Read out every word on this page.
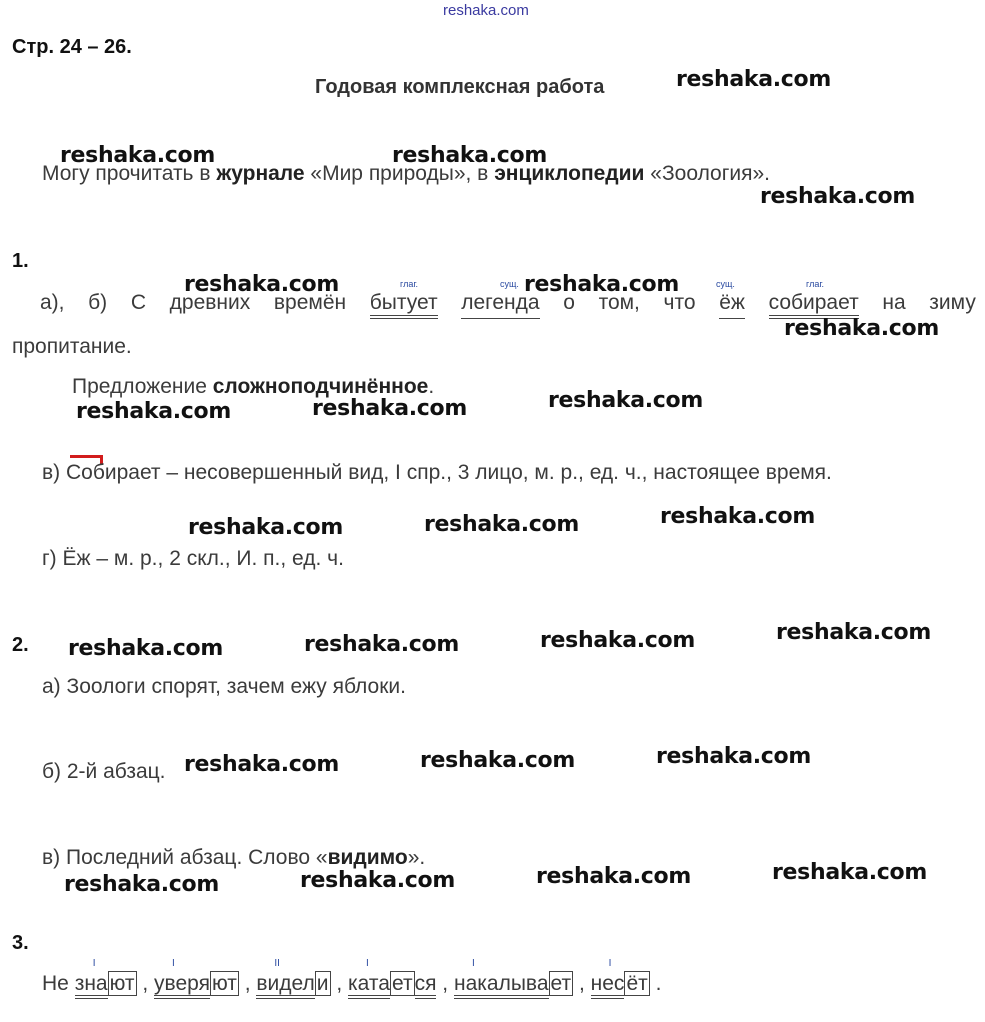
reshaka.com
Стр. 24 – 26.
Годовая комплексная работа
Могу прочитать в журнале «Мир природы», в энциклопедии «Зоология».
1.
глаг.	сущ.	сущ.	глаг.
а), б) С древних времён бытует легенда о том, что ёж собирает на зиму
пропитание.
Предложение сложноподчинённое.
в) Собирает – несовершенный вид, I спр., 3 лицо, м. р., ед. ч., настоящее время.
г) Ёж – м. р., 2 скл., И. п., ед. ч.
2.
а) Зоологи спорят, зачем ежу яблоки.
б) 2-й абзац.
в) Последний абзац. Слово «видимо».
3.
Не
I
знают ,
I
уверяют ,
II
видели ,
I
катается ,
I
накалывает ,
I
несёт .
reshaka.com
reshaka.com	reshaka.com
reshaka.com
reshaka.com	reshaka.com
reshaka.com
reshaka.com	reshaka.com	reshaka.com
reshaka.com	reshaka.com	reshaka.com
reshaka.com	reshaka.com	reshaka.com	reshaka.com
reshaka.com	reshaka.com	reshaka.com
reshaka.com	reshaka.com	reshaka.com	reshaka.com
